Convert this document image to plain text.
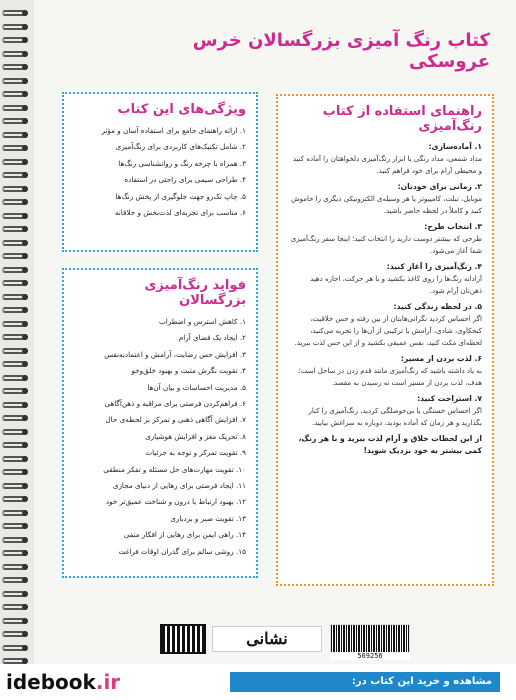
کتاب رنگ آمیزی بزرگسالان خرس عروسکی
راهنمای استفاده از کتاب رنگ‌آمیزی
۱. آماده‌سازی:
مداد شمعی، مداد رنگی یا ابزار رنگ‌آمیزی دلخواهتان را آماده کنید و محیطی آرام برای خود فراهم کنید.
۲. زمانی برای خودتان:
موبایل، تبلت، کامپیوتر یا هر وسیله‌ی الکترونیکی دیگری را خاموش کنید و کاملاً در لحظه حاضر باشید.
۳. انتخاب طرح:
طرحی که بیشتر دوست دارید را انتخاب کنید؛ اینجا سفر رنگ‌آمیزی شما آغاز می‌شود.
۴. رنگ‌آمیزی را آغاز کنید:
آزادانه رنگ‌ها را روی کاغذ بکشید و با هر حرکت، اجازه دهید ذهن‌تان آرام شود.
۵. در لحظه زندگی کنید:
اگر احساس کردید نگرانی‌هایتان از بین رفته و حس خلاقیت، کنجکاوی، شادی، آرامش یا ترکیبی از آن‌ها را تجربه می‌کنید، لحظه‌ای مکث کنید، نفس عمیقی بکشید و از این حس لذت ببرید.
۶. لذت بردن از مسیر:
به یاد داشته باشید که رنگ‌آمیزی مانند قدم زدن در ساحل است؛ هدف، لذت بردن از مسیر است نه رسیدن به مقصد.
۷. استراحت کنید:
اگر احساس خستگی یا بی‌حوصلگی کردید، رنگ‌آمیزی را کنار بگذارید و هر زمان که آماده بودید، دوباره به سراغش بیایید.
از این لحظات خلاق و آرام لذت ببرید و با هر رنگ، کمی بیشتر به خود نزدیک شوید!
ویژگی‌های این کتاب
۱. ارائه راهنمای جامع برای استفاده آسان و مؤثر
۲. شامل تکنیک‌های کاربردی برای رنگ‌آمیزی
۳. همراه با چرخه رنگ و روانشناسی رنگ‌ها
۴. طراحی سیمی برای راحتی در استفاده
۵. چاپ تک‌رو جهت جلوگیری از پخش رنگ‌ها
۶. مناسب برای تجربه‌ای لذت‌بخش و خلاقانه
فواید رنگ‌آمیزی بزرگسالان
۱. کاهش استرس و اضطراب
۲. ایجاد یک فضای آرام
۳. افزایش حس رضایت، آرامش و اعتماد‌به‌نفس
۴. تقویت نگرش مثبت و بهبود خلق‌وخو
۵. مدیریت احساسات و بیان آن‌ها
۶. فراهم‌کردن فرصتی برای مراقبه و ذهن‌آگاهی
۷. افزایش آگاهی ذهنی و تمرکز بر لحظه‌ی حال
۸. تحریک مغز و افزایش هوشیاری
۹. تقویت تمرکز و توجه به جزئیات
۱۰. تقویت مهارت‌های حل مسئله و تفکر منطقی
۱۱. ایجاد فرصتی برای رهایی از دنیای مجازی
۱۲. بهبود ارتباط با درون و شناخت عمیق‌تر خود
۱۳. تقویت صبر و بردباری
۱۴. راهی ایمن برای رهایی از افکار منفی
۱۵. روشی سالم برای گذران اوقات فراغت
نشانی
569256
idebook.ir	مشاهده و خرید این کتاب در:
